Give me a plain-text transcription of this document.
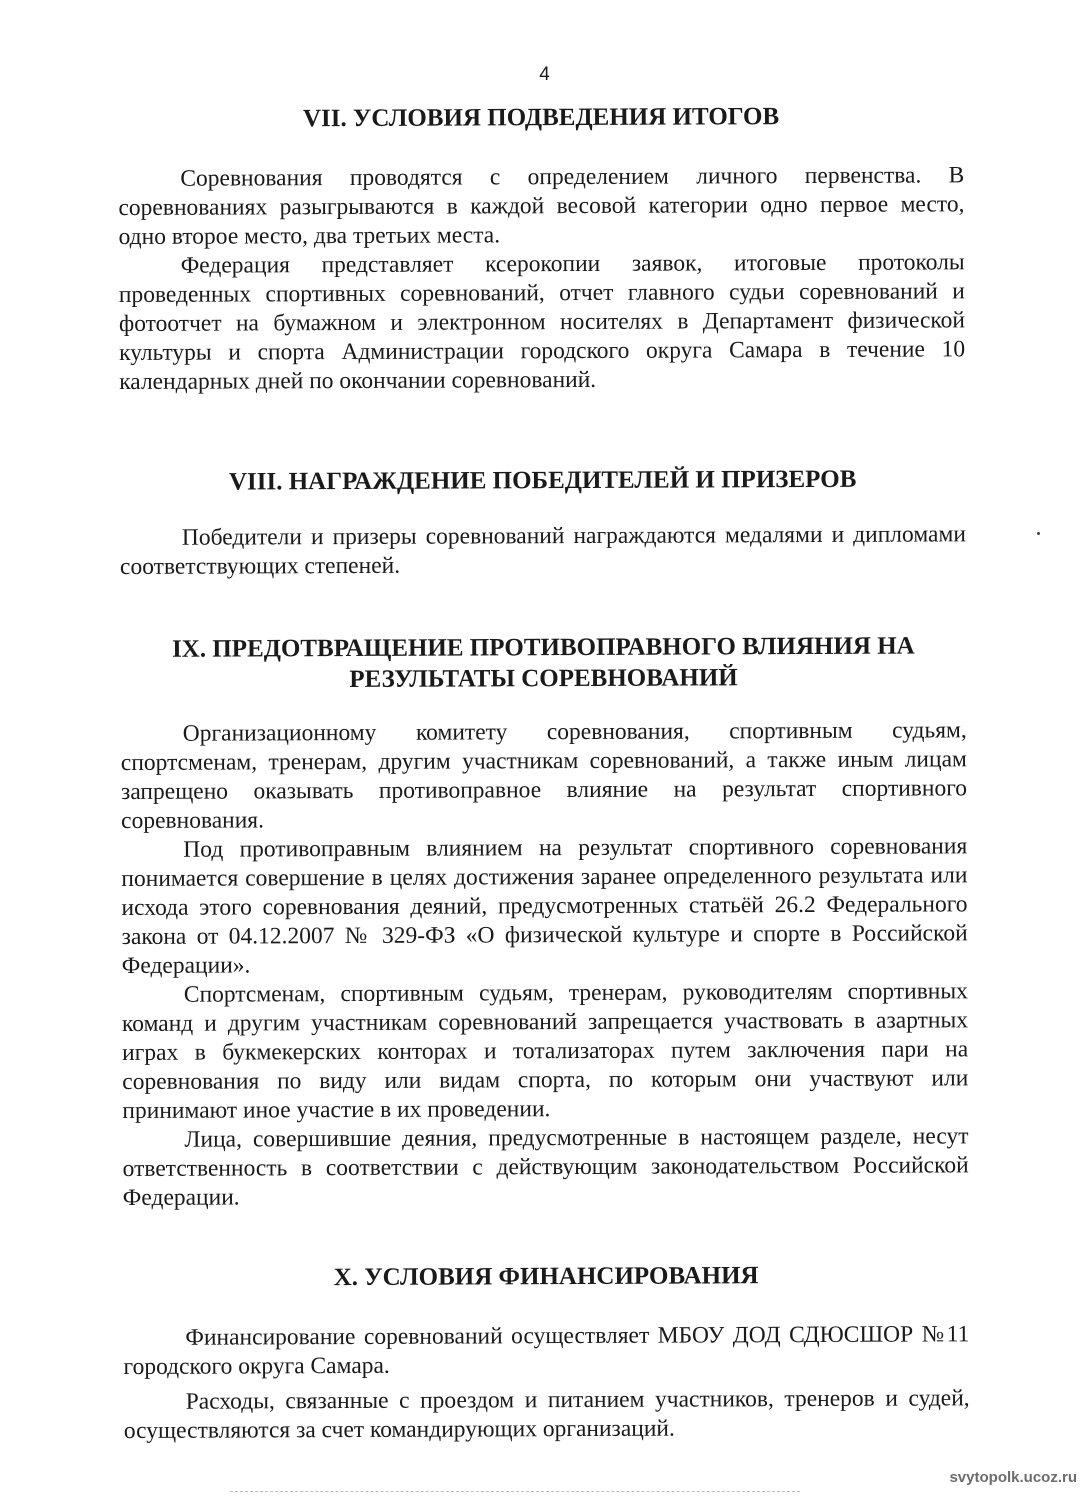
4
VII. УСЛОВИЯ ПОДВЕДЕНИЯ ИТОГОВ

Соревнования проводятся с определением личного первенства. В соревнованиях разыгрываются в каждой весовой категории одно первое место, одно второе место, два третьих места.

Федерация представляет ксерокопии заявок, итоговые протоколы проведенных спортивных соревнований, отчет главного судьи соревнований и фотоотчет на бумажном и электронном носителях в Департамент физической культуры и спорта Администрации городского округа Самара в течение 10 календарных дней по окончании соревнований.

VIII. НАГРАЖДЕНИЕ ПОБЕДИТЕЛЕЙ И ПРИЗЕРОВ

Победители и призеры соревнований награждаются медалями и дипломами соответствующих степеней.

IX. ПРЕДОТВРАЩЕНИЕ ПРОТИВОПРАВНОГО ВЛИЯНИЯ НА
РЕЗУЛЬТАТЫ СОРЕВНОВАНИЙ

Организационному комитету соревнования, спортивным судьям, спортсменам, тренерам, другим участникам соревнований, а также иным лицам запрещено оказывать противоправное влияние на результат спортивного соревнования.

Под противоправным влиянием на результат спортивного соревнования понимается совершение в целях достижения заранее определенного результата или исхода этого соревнования деяний, предусмотренных статьёй 26.2 Федерального закона от 04.12.2007 № 329-ФЗ «О физической культуре и спорте в Российской Федерации».

Спортсменам, спортивным судьям, тренерам, руководителям спортивных команд и другим участникам соревнований запрещается участвовать в азартных играх в букмекерских конторах и тотализаторах путем заключения пари на соревнования по виду или видам спорта, по которым они участвуют или принимают иное участие в их проведении.

Лица, совершившие деяния, предусмотренные в настоящем разделе, несут ответственность в соответствии с действующим законодательством Российской Федерации.

X. УСЛОВИЯ ФИНАНСИРОВАНИЯ

Финансирование соревнований осуществляет МБОУ ДОД СДЮСШОР №11 городского округа Самара.

Расходы, связанные с проездом и питанием участников, тренеров и судей, осуществляются за счет командирующих организаций.

svytopolk.ucoz.ru
